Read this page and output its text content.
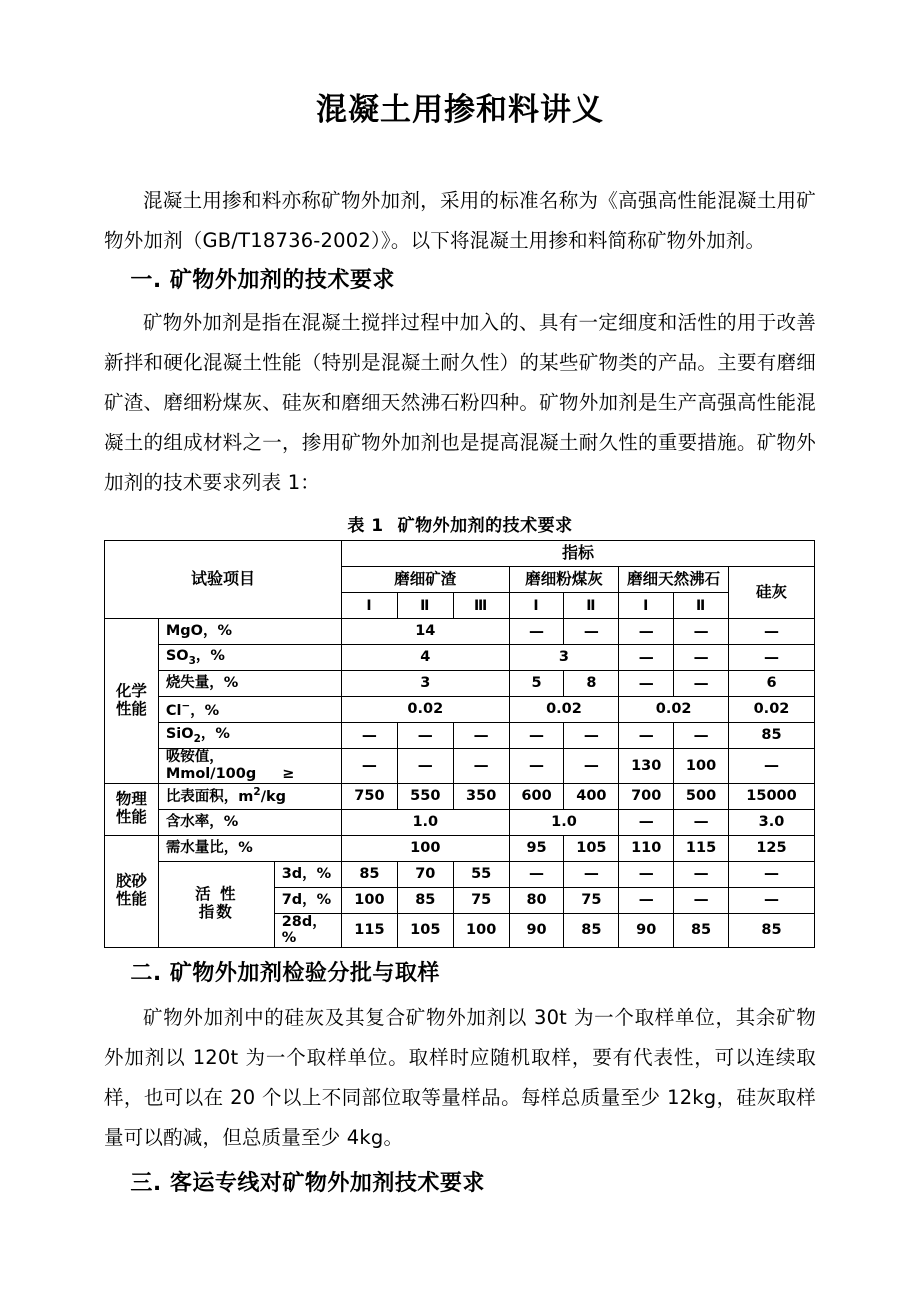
混凝土用掺和料讲义

混凝土用掺和料亦称矿物外加剂，采用的标准名称为《高强高性能混凝土用矿物外加剂（GB/T18736-2002）》。以下将混凝土用掺和料简称矿物外加剂。

一. 矿物外加剂的技术要求

矿物外加剂是指在混凝土搅拌过程中加入的、具有一定细度和活性的用于改善新拌和硬化混凝土性能（特别是混凝土耐久性）的某些矿物类的产品。主要有磨细矿渣、磨细粉煤灰、硅灰和磨细天然沸石粉四种。矿物外加剂是生产高强高性能混凝土的组成材料之一，掺用矿物外加剂也是提高混凝土耐久性的重要措施。矿物外加剂的技术要求列表 1：

表 1 矿物外加剂的技术要求
试验项目			指标							
			磨细矿渣			磨细粉煤灰		磨细天然沸石		硅灰
			Ⅰ	Ⅱ	Ⅲ	Ⅰ	Ⅱ	Ⅰ	Ⅱ	

化学
性能	MgO，%		14			—	—	—	—	—
	$SO_3$，%		4			3		—	—	—
	烧失量，%		3			5	8	—	—	6
	Cl−，%		0.02			0.02		0.02		0.02
	SiO$_2$，%		—	—	—	—	—	—	—	85
	吸铵值，Mmol/100g ≥		—	—	—	—	—	130	100	—

物理
性能	比表面积，$m^2/kg$		750	550	350	600	400	700	500	15000
	含水率，%		1.0			1.0		—	—	3.0

胶砂
性能	需水量比，%		100			95	105	110	115	125

	活 性
指数	3d，%	85	70	55	—	—	—	—	—
		7d，%	100	85	75	80	75	—	—	—
		28d，%	115	105	100	90	85	90	85	85
二. 矿物外加剂检验分批与取样

矿物外加剂中的硅灰及其复合矿物外加剂以 30t 为一个取样单位，其余矿物外加剂以 120t 为一个取样单位。取样时应随机取样，要有代表性，可以连续取样，也可以在 20 个以上不同部位取等量样品。每样总质量至少 12kg，硅灰取样量可以酌减，但总质量至少 4kg。

三. 客运专线对矿物外加剂技术要求
